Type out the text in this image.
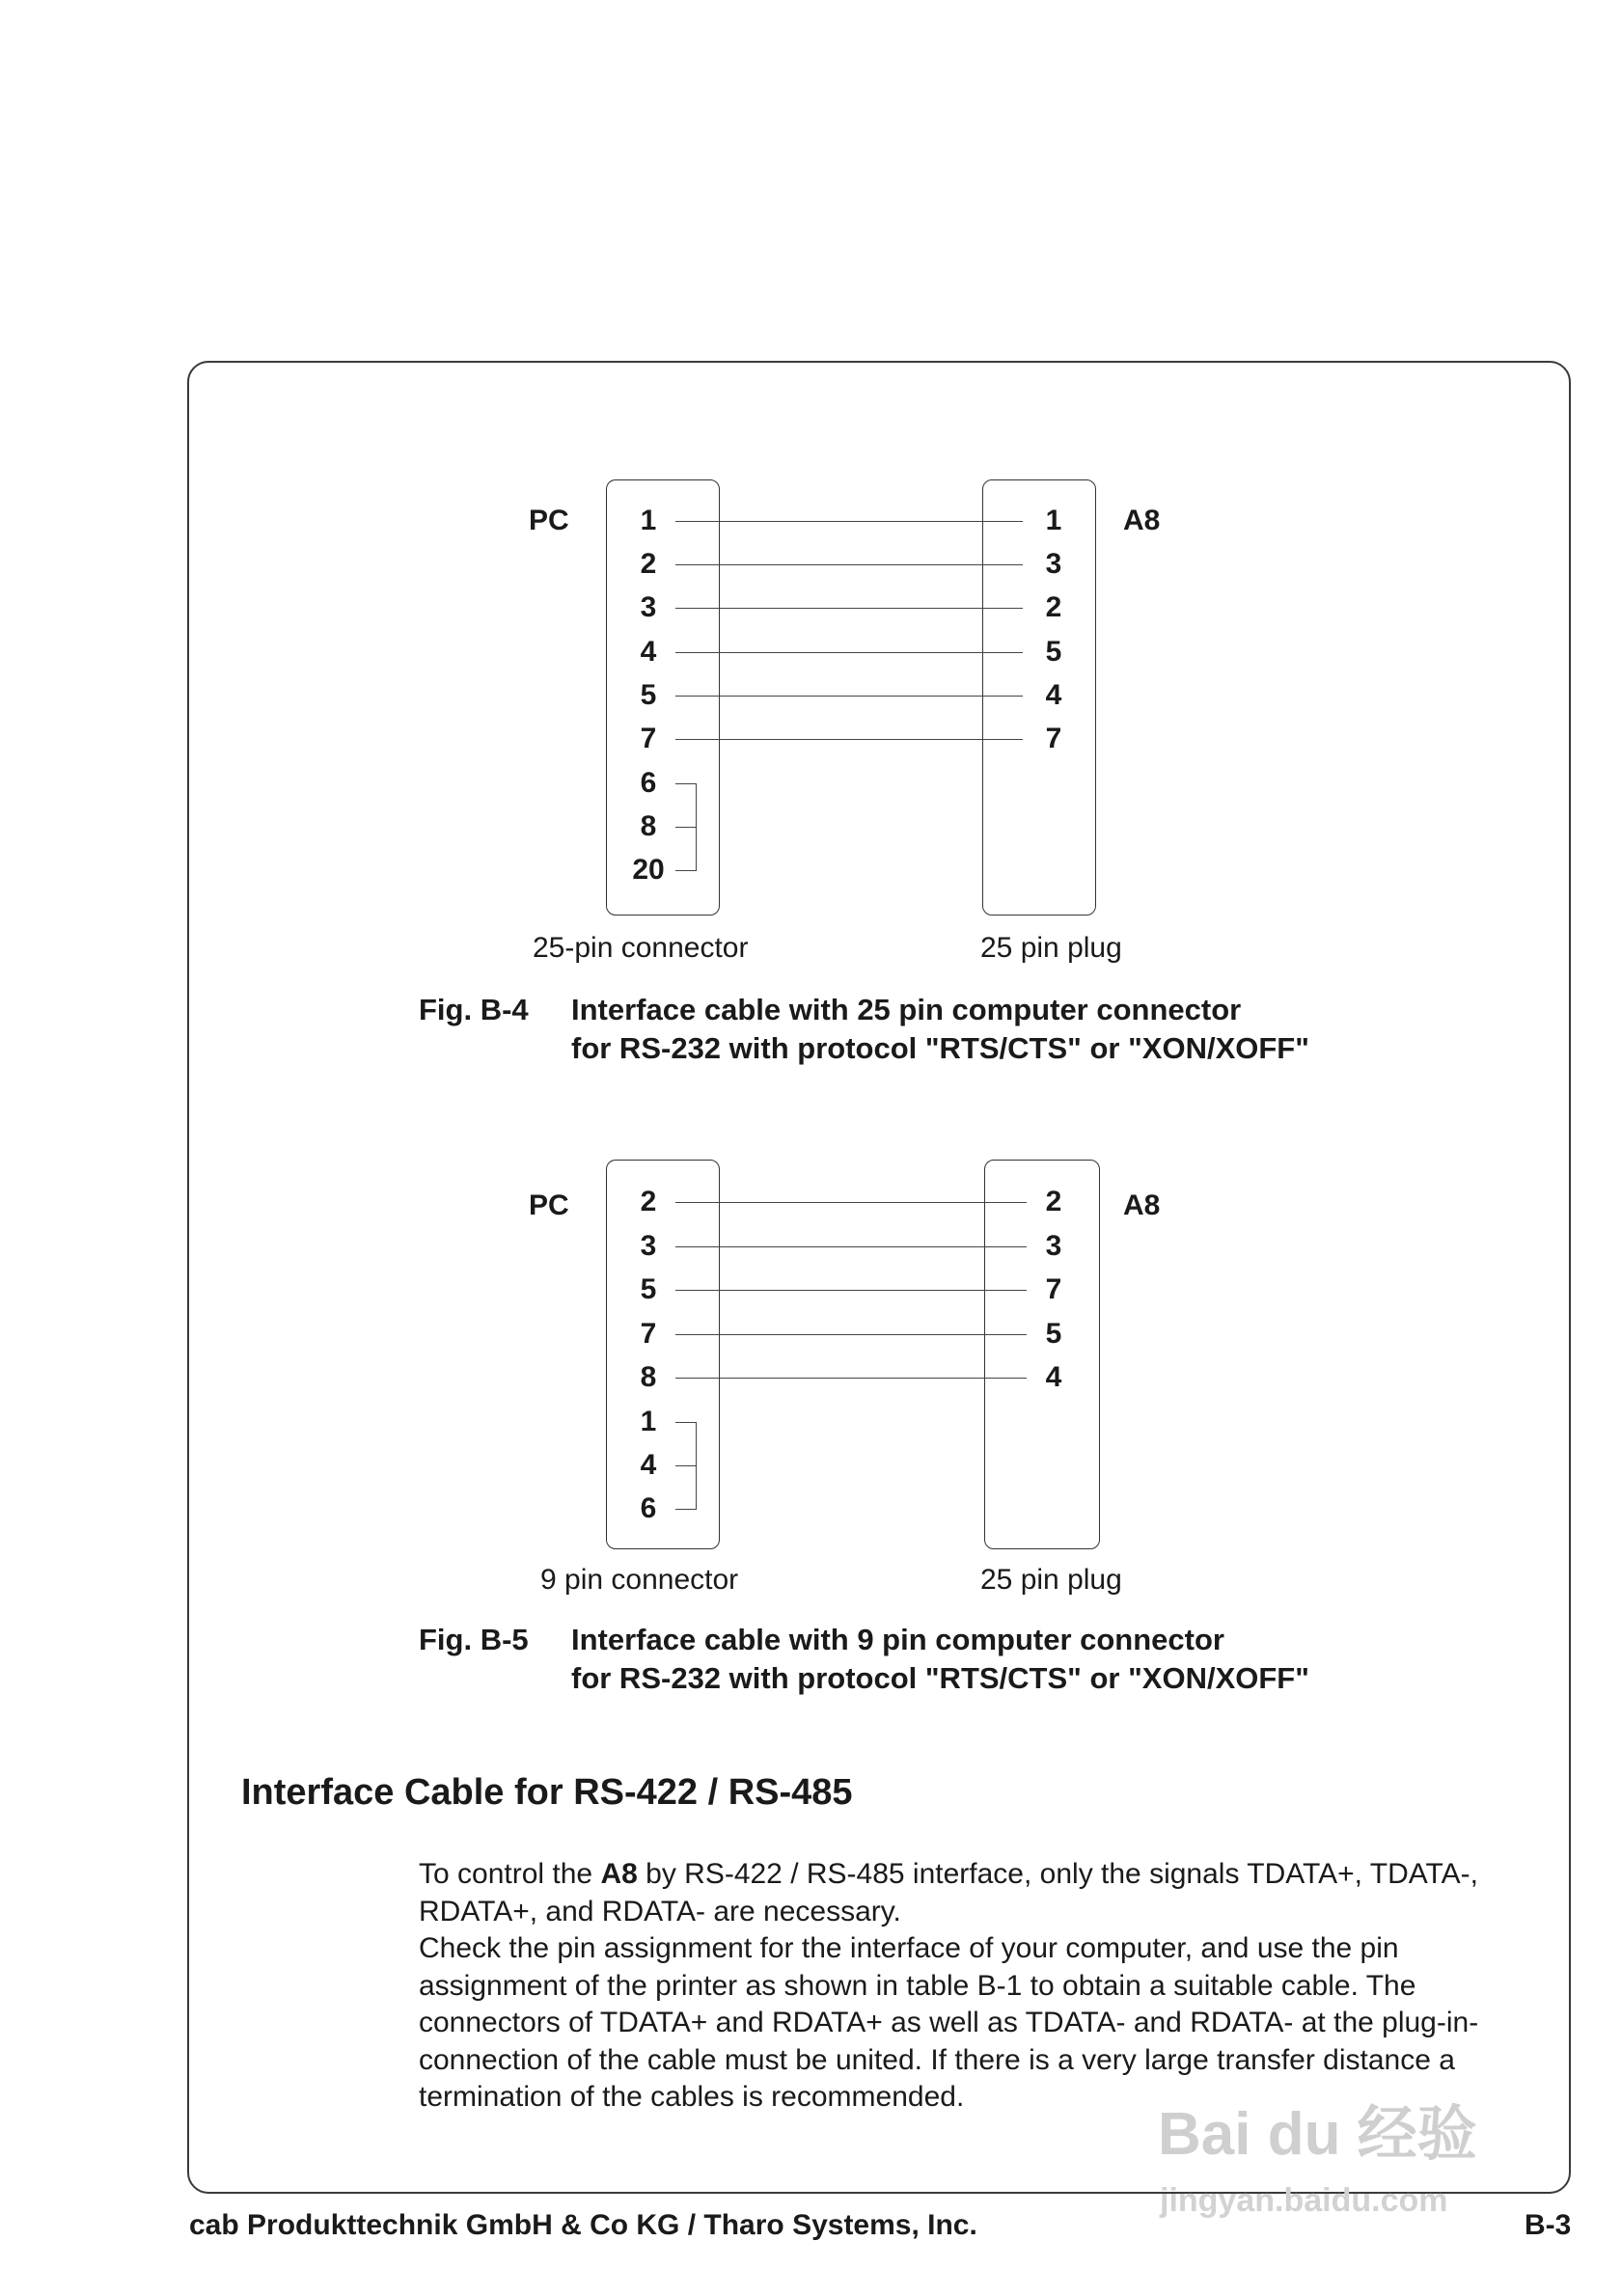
PC	A8
1
2
3
4
5
7
6
8
20
1
3
2
5
4
7
25-pin connector	25 pin plug
Fig. B-4 Interface cable with 25 pin computer connector
for RS-232 with protocol "RTS/CTS" or "XON/XOFF"
PC	A8
2
3
5
7
8
1
4
6
2
3
7
5
4
9 pin connector	25 pin plug
Fig. B-5 Interface cable with 9 pin computer connector
for RS-232 with protocol "RTS/CTS" or "XON/XOFF"
Interface Cable for RS-422 / RS-485
To control the A8 by RS-422 / RS-485 interface, only the signals TDATA+, TDATA-, RDATA+, and RDATA- are necessary.
Check the pin assignment for the interface of your computer, and use the pin assignment of the printer as shown in table B-1 to obtain a suitable cable. The connectors of TDATA+ and RDATA+ as well as TDATA- and RDATA- at the plug-in-connection of the cable must be united. If there is a very large transfer distance a termination of the cables is recommended.
Bai du 经验
jingyan.baidu.com
cab Produkttechnik GmbH & Co KG / Tharo Systems, Inc.	B-3
